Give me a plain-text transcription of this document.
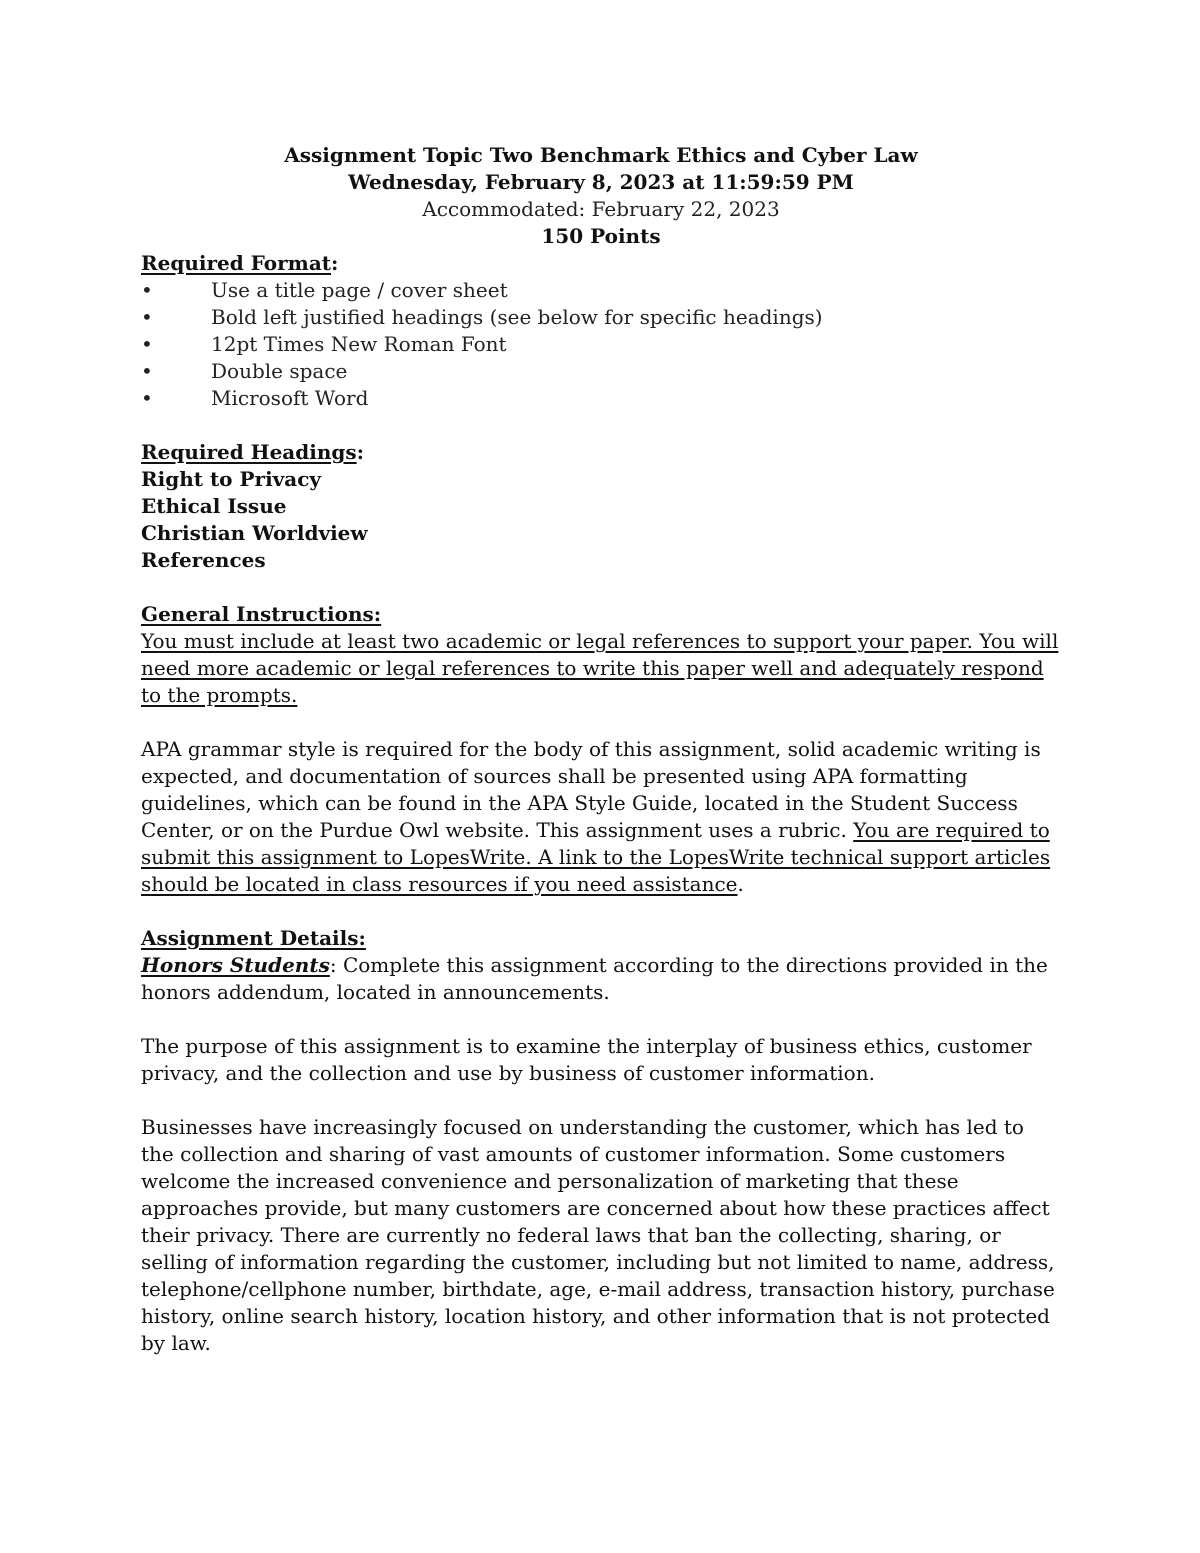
Assignment Topic Two Benchmark Ethics and Cyber Law

Wednesday, February 8, 2023 at 11:59:59 PM

Accommodated: February 22, 2023

150 Points

Required Format:

•	Use a title page / cover sheet
•	Bold left justified headings (see below for specific headings)
•	12pt Times New Roman Font
•	Double space
•	Microsoft Word

Required Headings:

Right to Privacy

Ethical Issue

Christian Worldview

References

General Instructions:

You must include at least two academic or legal references to support your paper. You will need more academic or legal references to write this paper well and adequately respond to the prompts.

APA grammar style is required for the body of this assignment, solid academic writing is expected, and documentation of sources shall be presented using APA formatting guidelines, which can be found in the APA Style Guide, located in the Student Success Center, or on the Purdue Owl website. This assignment uses a rubric. You are required to submit this assignment to LopesWrite. A link to the LopesWrite technical support articles should be located in class resources if you need assistance.

Assignment Details:

Honors Students: Complete this assignment according to the directions provided in the honors addendum, located in announcements.

The purpose of this assignment is to examine the interplay of business ethics, customer privacy, and the collection and use by business of customer information.

Businesses have increasingly focused on understanding the customer, which has led to the collection and sharing of vast amounts of customer information. Some customers welcome the increased convenience and personalization of marketing that these approaches provide, but many customers are concerned about how these practices affect their privacy. There are currently no federal laws that ban the collecting, sharing, or selling of information regarding the customer, including but not limited to name, address, telephone/cellphone number, birthdate, age, e-mail address, transaction history, purchase history, online search history, location history, and other information that is not protected by law.
